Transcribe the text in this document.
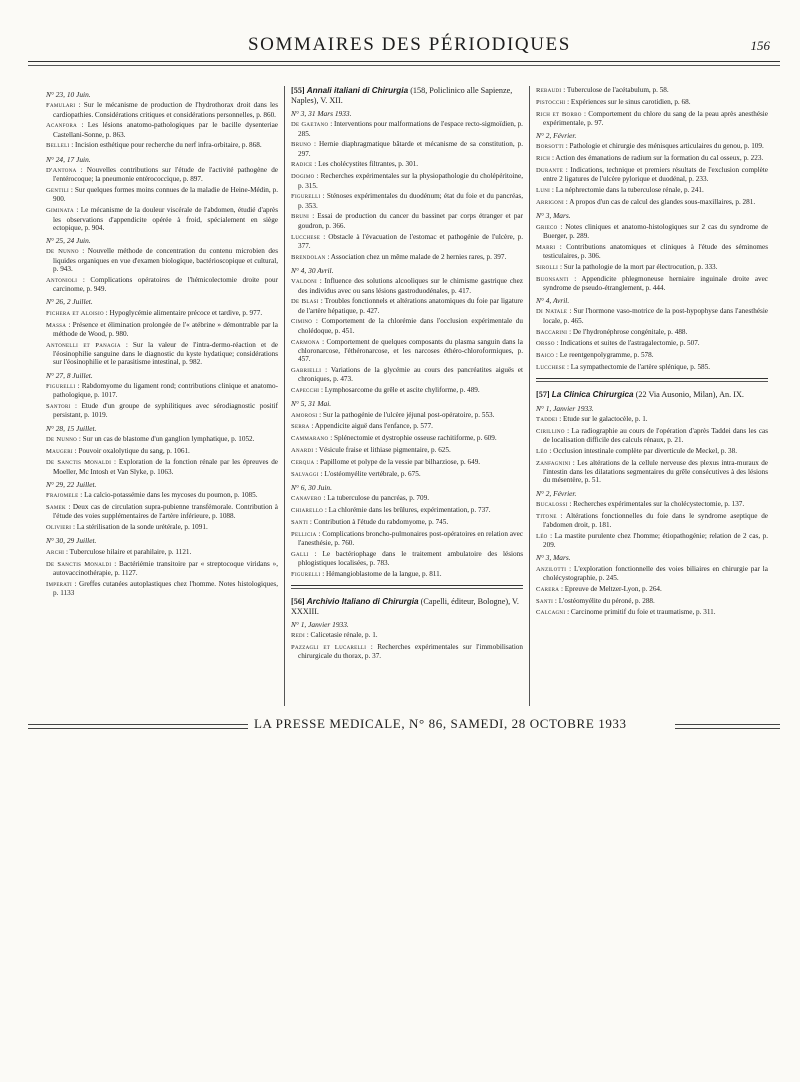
SOMMAIRES DES PÉRIODIQUES	156
N° 23, 10 Juin.
Famulari : Sur le mécanisme de production de l'hydrothorax droit dans les cardiopathies. Considérations critiques et considérations personnelles, p. 860.
Acanfora : Les lésions anatomo-pathologiques par le bacille dysenteriae Castellani-Sonne, p. 863.
Belleli : Incision esthétique pour recherche du nerf infra-orbitaire, p. 868.
N° 24, 17 Juin.
D'Antona : Nouvelles contributions sur l'étude de l'activité pathogène de l'entérocoque; la pneumonie entérococcique, p. 897.
Gentili : Sur quelques formes moins connues de la maladie de Heine-Médin, p. 900.
Giminata : Le mécanisme de la douleur viscérale de l'abdomen, étudié d'après les observations d'appendicite opérée à froid, spécialement en siège ectopique, p. 904.
N° 25, 24 Juin.
De Nunno : Nouvelle méthode de concentration du contenu microbien des liquides organiques en vue d'examen biologique, bactérioscopique et cultural, p. 943.
Antonioli : Complications opératoires de l'hémicolectomie droite pour carcinome, p. 949.
N° 26, 2 Juillet.
Fichera et Aloisio : Hypoglycémie alimentaire précoce et tardive, p. 977.
Massa : Présence et élimination prolongée de l'« atébrine » démontrable par la méthode de Wood, p. 980.
Antonelli et Panagia : Sur la valeur de l'intra-dermo-réaction et de l'éosinophilie sanguine dans le diagnostic du kyste hydatique; considérations sur l'éosinophilie et le parasitisme intestinal, p. 982.
N° 27, 8 Juillet.
Figurelli : Rabdomyome du ligament rond; contributions clinique et anatomo-pathologique, p. 1017.
Santori : Etude d'un groupe de syphilitiques avec sérodiagnostic positif persistant, p. 1019.
N° 28, 15 Juillet.
De Nunno : Sur un cas de blastome d'un ganglion lymphatique, p. 1052.
Maugeri : Pouvoir oxalolytique du sang, p. 1061.
De Sanctis Monaldi : Exploration de la fonction rénale par les épreuves de Moeller, Mc Intosh et Van Slyke, p. 1063.
N° 29, 22 Juillet.
Frajomele : La calcio-potassémie dans les mycoses du poumon, p. 1085.
Samek : Deux cas de circulation supra-pubienne transfémorale. Contribution à l'étude des voies supplémentaires de l'artère inférieure, p. 1088.
Olivieri : La stérilisation de la sonde urétérale, p. 1091.
N° 30, 29 Juillet.
Archi : Tuberculose hilaire et parahilaire, p. 1121.
De Sanctis Monaldi : Bactériémie transitoire par « streptocoque viridans », autovaccinothérapie, p. 1127.
Imperati : Greffes cutanées autoplastiques chez l'homme. Notes histologiques, p. 1133
[55] Annali italiani di Chirurgia (158, Policlinico alle Sapienze, Naples), V. XII.
N° 3, 31 Mars 1933.
De Gaetano : Interventions pour malformations de l'espace recto-sigmoïdien, p. 285.
Bruno : Hernie diaphragmatique bâtarde et mécanisme de sa constitution, p. 297.
Radice : Les cholécystites filtrantes, p. 301.
Dogimo : Recherches expérimentales sur la physiopathologie du cholépéritoine, p. 315.
Figurelli : Sténoses expérimentales du duodénum; état du foie et du pancréas, p. 353.
Bruni : Essai de production du cancer du bassinet par corps étranger et par goudron, p. 366.
Lucchese : Obstacle à l'évacuation de l'estomac et pathogénie de l'ulcère, p. 377.
Brendolan : Association chez un même malade de 2 hernies rares, p. 397.
N° 4, 30 Avril.
Valdoni : Influence des solutions alcooliques sur le chimisme gastrique chez des individus avec ou sans lésions gastroduodénales, p. 417.
De Blasi : Troubles fonctionnels et altérations anatomiques du foie par ligature de l'artère hépatique, p. 427.
Cimino : Comportement de la chlorémie dans l'occlusion expérimentale du cholédoque, p. 451.
Carmona : Comportement de quelques composants du plasma sanguin dans la chloronarcose, l'éthéronarcose, et les narcoses éthéro-chloroformiques, p. 457.
Gabrielli : Variations de la glycémie au cours des pancréatites aiguës et chroniques, p. 473.
Capecchi : Lymphosarcome du grêle et ascite chyliforme, p. 489.
N° 5, 31 Mai.
Amorosi : Sur la pathogénie de l'ulcère jéjunal post-opératoire, p. 553.
Serra : Appendicite aiguë dans l'enfance, p. 577.
Cammarano : Splénectomie et dystrophie osseuse rachitiforme, p. 609.
Anardi : Vésicule fraise et lithiase pigmentaire, p. 625.
Cerqua : Papillome et polype de la vessie par bilharziose, p. 649.
Salvaggi : L'ostéomyélite vertébrale, p. 675.
N° 6, 30 Juin.
Canavero : La tuberculose du pancréas, p. 709.
Chiarello : La chlorémie dans les brûlures, expérimentation, p. 737.
Santi : Contribution à l'étude du rabdomyome, p. 745.
Pellicia : Complications broncho-pulmonaires post-opératoires en relation avec l'anesthésie, p. 760.
Galli : Le bactériophage dans le traitement ambulatoire des lésions phlogistiques localisées, p. 783.
Figurelli : Hémangioblastome de la langue, p. 811.
[56] Archivio Italiano di Chirurgia (Capelli, éditeur, Bologne), V. XXXIII.
N° 1, Janvier 1933.
Redi : Calicetasie rénale, p. 1.
Pazzagli et Lucarelli : Recherches expérimentales sur l'immobilisation chirurgicale du thorax, p. 37.
Rebaudi : Tuberculose de l'acétabulum, p. 58.
Pistocchi : Expériences sur le sinus carotidien, p. 68.
Rich et Borbo : Comportement du chlore du sang de la peau après anesthésie expérimentale, p. 97.
N° 2, Février.
Borsotti : Pathologie et chirurgie des ménisques articulaires du genou, p. 109.
Rich : Action des émanations de radium sur la formation du cal osseux, p. 223.
Durante : Indications, technique et premiers résultats de l'exclusion complète entre 2 ligatures de l'ulcère pylorique et duodénal, p. 233.
Luni : La néphrectomie dans la tuberculose rénale, p. 241.
Arrigoni : A propos d'un cas de calcul des glandes sous-maxillaires, p. 281.
N° 3, Mars.
Grieco : Notes cliniques et anatomo-histologiques sur 2 cas du syndrome de Buerger, p. 289.
Marri : Contributions anatomiques et cliniques à l'étude des séminomes testiculaires, p. 306.
Sirolli : Sur la pathologie de la mort par électrocution, p. 333.
Buonsanti : Appendicite phlegmoneuse herniaire inguinale droite avec syndrome de pseudo-étranglement, p. 444.
N° 4, Avril.
Di Natale : Sur l'hormone vaso-motrice de la post-hypophyse dans l'anesthésie locale, p. 465.
Baccarini : De l'hydronéphrose congénitale, p. 488.
Orsso : Indications et suites de l'astragalectomie, p. 507.
Baico : Le reentgenpolygramme, p. 578.
Lucchese : La sympathectomie de l'artère splénique, p. 585.
[57] La Clinica Chirurgica (22 Via Ausonio, Milan), An. IX.
N° 1, Janvier 1933.
Taddei : Etude sur le galactocèle, p. 1.
Cirillino : La radiographie au cours de l'opération d'après Taddei dans les cas de localisation difficile des calculs rénaux, p. 21.
Léo : Occlusion intestinale complète par diverticule de Meckel, p. 38.
Zanfagnini : Les altérations de la cellule nerveuse des plexus intra-muraux de l'intestin dans les dilatations segmentaires du grêle consécutives à des lésions du mésentère, p. 51.
N° 2, Février.
Bucalossi : Recherches expérimentales sur la cholécystectomie, p. 137.
Titone : Altérations fonctionnelles du foie dans le syndrome aseptique de l'abdomen droit, p. 181.
Léo : La mastite purulente chez l'homme; étiopathogénie; relation de 2 cas, p. 209.
N° 3, Mars.
Anzilotti : L'exploration fonctionnelle des voies biliaires en chirurgie par la cholécystographie, p. 245.
Carera : Epreuve de Meltzer-Lyon, p. 264.
Santi : L'ostéomyélite du péroné, p. 288.
Calcagni : Carcinome primitif du foie et traumatisme, p. 311.
LA PRESSE MEDICALE, N° 86, SAMEDI, 28 OCTOBRE 1933
